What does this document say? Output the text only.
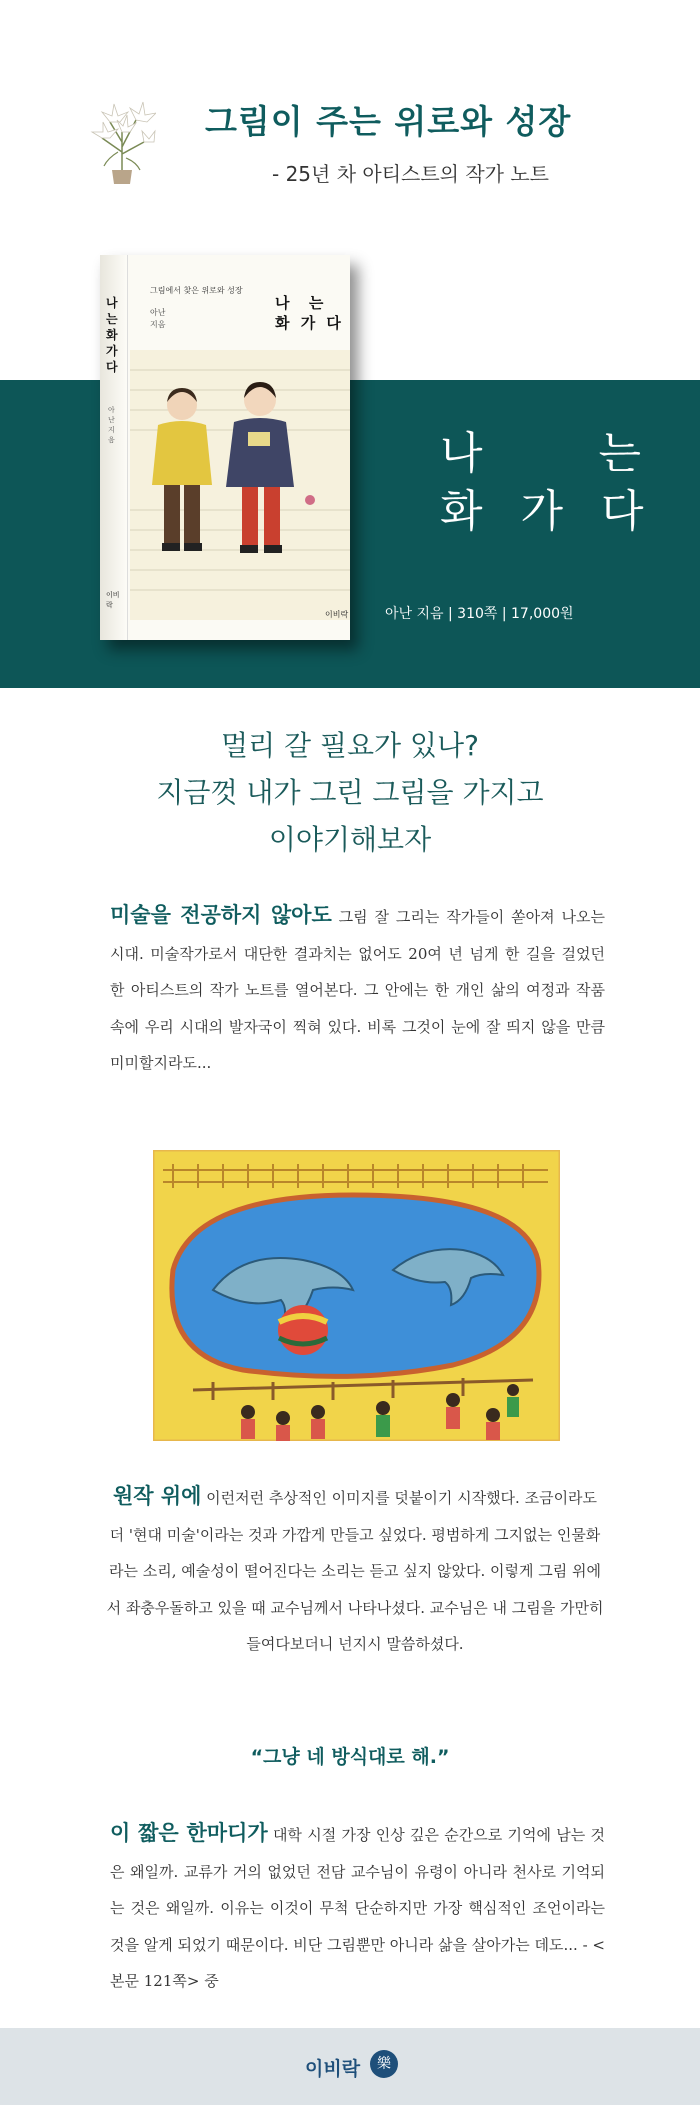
그림이 주는 위로와 성장
- 25년 차 아티스트의 작가 노트
나는 화가다
아난 지음
이비락
그림에서 찾은 위로와 성장
아난 지음
나  는
화 가 다
이비락
나    는
화 가 다
아난 지음 | 310쪽 | 17,000원
멀리 갈 필요가 있나?
지금껏 내가 그린 그림을 가지고
이야기해보자
미술을 전공하지 않아도 그림 잘 그리는 작가들이 쏟아져 나오는 시대. 미술작가로서 대단한 결과치는 없어도 20여 년 넘게 한 길을 걸었던 한 아티스트의 작가 노트를 열어본다. 그 안에는 한 개인 삶의 여정과 작품 속에 우리 시대의 발자국이 찍혀 있다. 비록 그것이 눈에 잘 띄지 않을 만큼 미미할지라도...
원작 위에 이런저런 추상적인 이미지를 덧붙이기 시작했다. 조금이라도 더 '현대 미술'이라는 것과 가깝게 만들고 싶었다. 평범하게 그지없는 인물화라는 소리, 예술성이 떨어진다는 소리는 듣고 싶지 않았다. 이렇게 그림 위에서 좌충우돌하고 있을 때 교수님께서 나타나셨다. 교수님은 내 그림을 가만히 들여다보더니 넌지시 말씀하셨다.
“그냥 네 방식대로 해.”
이 짧은 한마디가 대학 시절 가장 인상 깊은 순간으로 기억에 남는 것은 왜일까. 교류가 거의 없었던 전담 교수님이 유령이 아니라 천사로 기억되는 것은 왜일까. 이유는 이것이 무척 단순하지만 가장 핵심적인 조언이라는 것을 알게 되었기 때문이다. 비단 그림뿐만 아니라 삶을 살아가는 데도... - <본문 121쪽> 중
이비락	樂
